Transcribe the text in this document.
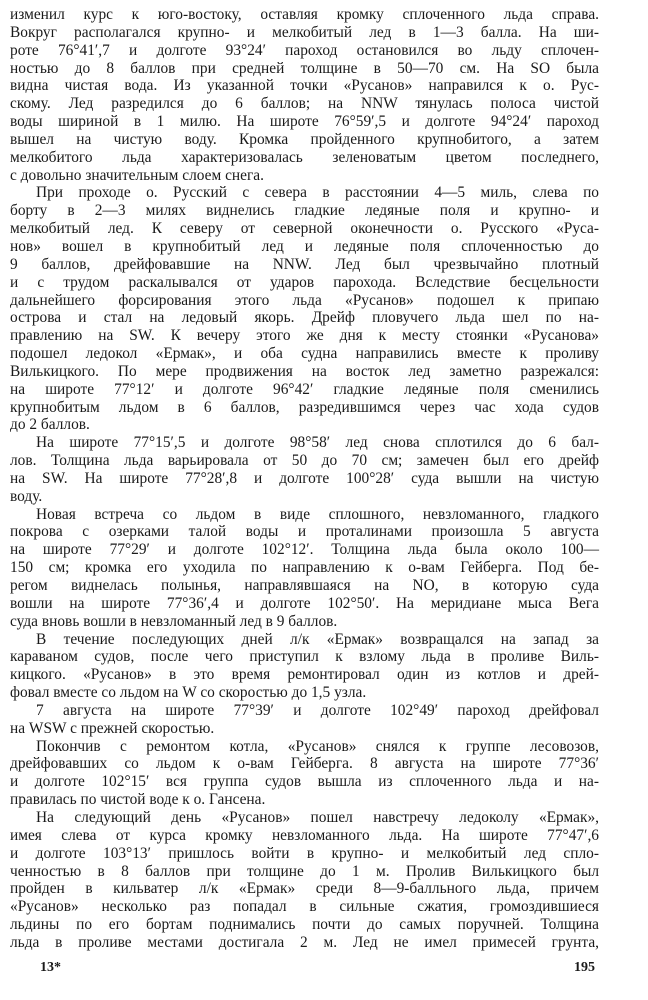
изменил курс к юго-востоку, оставляя кромку сплоченного льда справа.
Вокруг располагался крупно- и мелкобитый лед в 1—3 балла. На ши-
роте 76°41′,7 и долготе 93°24′ пароход остановился во льду сплочен-
ностью до 8 баллов при средней толщине в 50—70 см. На SO была
видна чистая вода. Из указанной точки «Русанов» направился к о. Рус-
скому. Лед разредился до 6 баллов; на NNW тянулась полоса чистой
воды шириной в 1 милю. На широте 76°59′,5 и долготе 94°24′ пароход
вышел на чистую воду. Кромка пройденного крупнобитого, а затем
мелкобитого льда характеризовалась зеленоватым цветом последнего,
с довольно значительным слоем снега.
При проходе о. Русский с севера в расстоянии 4—5 миль, слева по
борту в 2—3 милях виднелись гладкие ледяные поля и крупно- и
мелкобитый лед. К северу от северной оконечности о. Русского «Руса-
нов» вошел в крупнобитый лед и ледяные поля сплоченностью до
9 баллов, дрейфовавшие на NNW. Лед был чрезвычайно плотный
и с трудом раскалывался от ударов парохода. Вследствие бесцельности
дальнейшего форсирования этого льда «Русанов» подошел к припаю
острова и стал на ледовый якорь. Дрейф пловучего льда шел по на-
правлению на SW. К вечеру этого же дня к месту стоянки «Русанова»
подошел ледокол «Ермак», и оба судна направились вместе к проливу
Вилькицкого. По мере продвижения на восток лед заметно разрежался:
на широте 77°12′ и долготе 96°42′ гладкие ледяные поля сменились
крупнобитым льдом в 6 баллов, разредившимся через час хода судов
до 2 баллов.
На широте 77°15′,5 и долготе 98°58′ лед снова сплотился до 6 бал-
лов. Толщина льда варьировала от 50 до 70 см; замечен был его дрейф
на SW. На широте 77°28′,8 и долготе 100°28′ суда вышли на чистую
воду.
Новая встреча со льдом в виде сплошного, невзломанного, гладкого
покрова с озерками талой воды и проталинами произошла 5 августа
на широте 77°29′ и долготе 102°12′. Толщина льда была около 100—
150 см; кромка его уходила по направлению к о-вам Гейберга. Под бе-
регом виднелась полынья, направлявшаяся на NO, в которую суда
вошли на широте 77°36′,4 и долготе 102°50′. На меридиане мыса Вега
суда вновь вошли в невзломанный лед в 9 баллов.
В течение последующих дней л/к «Ермак» возвращался на запад за
караваном судов, после чего приступил к взлому льда в проливе Виль-
кицкого. «Русанов» в это время ремонтировал один из котлов и дрей-
фовал вместе со льдом на W со скоростью до 1,5 узла.
7 августа на широте 77°39′ и долготе 102°49′ пароход дрейфовал
на WSW с прежней скоростью.
Покончив с ремонтом котла, «Русанов» снялся к группе лесовозов,
дрейфовавших со льдом к о-вам Гейберга. 8 августа на широте 77°36′
и долготе 102°15′ вся группа судов вышла из сплоченного льда и на-
правилась по чистой воде к о. Гансена.
На следующий день «Русанов» пошел навстречу ледоколу «Ермак»,
имея слева от курса кромку невзломанного льда. На широте 77°47′,6
и долготе 103°13′ пришлось войти в крупно- и мелкобитый лед спло-
ченностью в 8 баллов при толщине до 1 м. Пролив Вилькицкого был
пройден в кильватер л/к «Ермак» среди 8—9-балльного льда, причем
«Русанов» несколько раз попадал в сильные сжатия, громоздившиеся
льдины по его бортам поднимались почти до самых поручней. Толщина
льда в проливе местами достигала 2 м. Лед не имел примесей грунта,
13*	195
